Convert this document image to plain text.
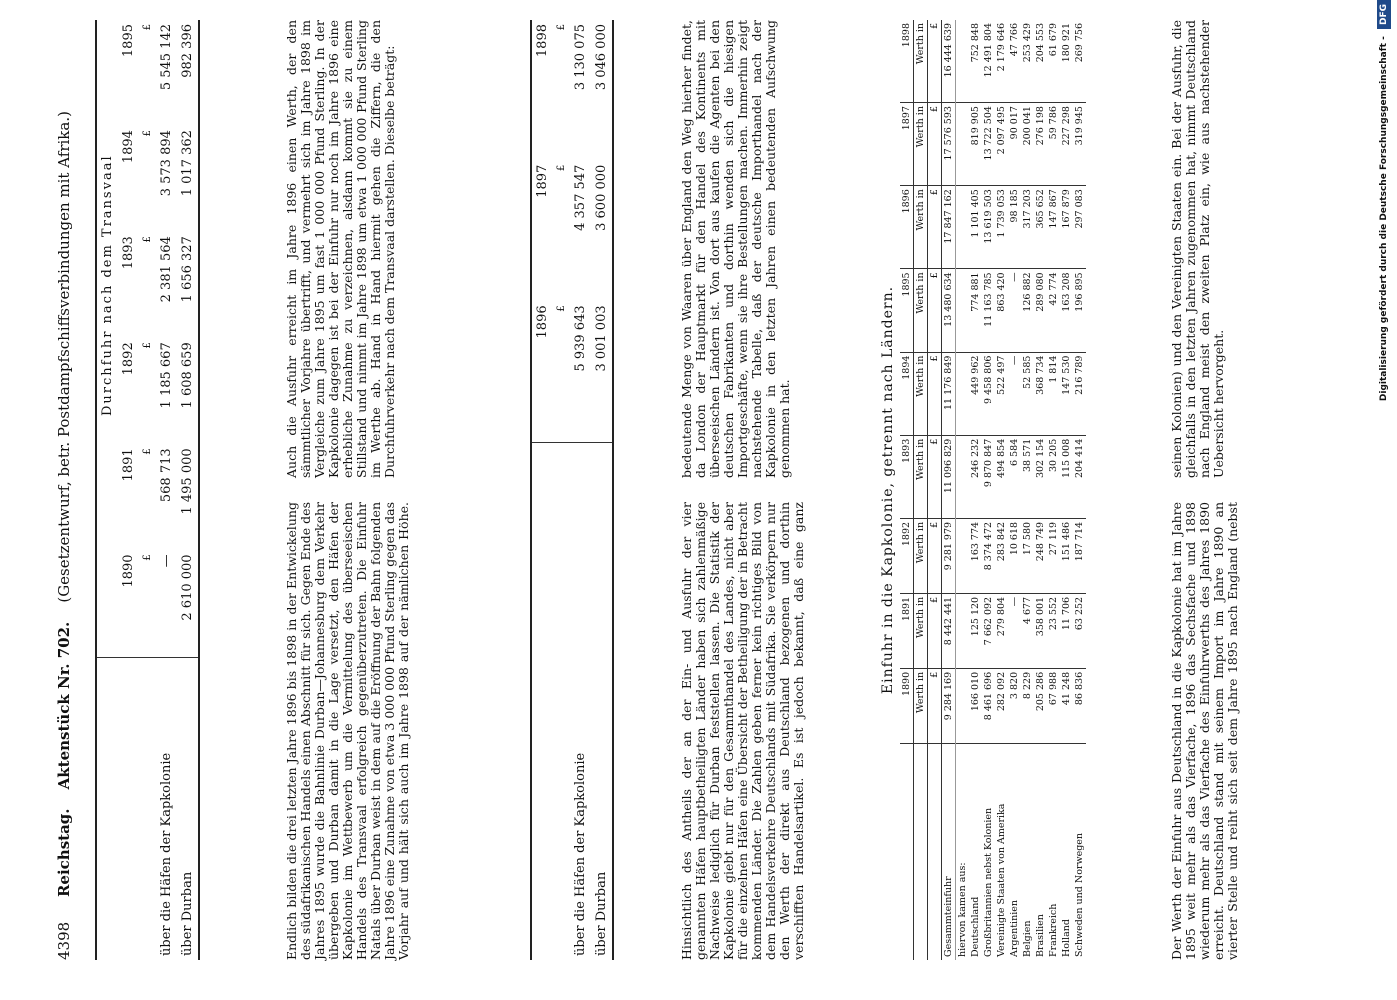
4398 Reichstag.    Aktenstück Nr. 702.    (Gesetzentwurf, betr. Postdampfschiffsverbindungen mit Afrika.)
		Durchfuhr nach dem Transvaal				
	1890	1891	1892	1893	1894	1895
	£	£	£	£	£	£
über die Häfen der Kapkolonie	—	568 713	1 185 667	2 381 564	3 573 894	5 545 142
über Durban	2 610 000	1 495 000	1 608 659	1 656 327	1 017 362	982 396
Endlich bilden die drei letzten Jahre 1896 bis 1898 in der Entwickelung des südafrikanischen Handels einen Abschnitt für sich. Gegen Ende des Jahres 1895 wurde die Bahnlinie Durban—Johannesburg dem Verkehr übergeben und Durban damit in die Lage versetzt, den Häfen der Kapkolonie im Wettbewerb um die Vermittelung des überseeischen Handels des Transvaal erfolgreich gegenüberzutreten. Die Einfuhr Natals über Durban weist in dem auf die Eröffnung der Bahn folgenden Jahre 1896 eine Zunahme von etwa 3 000 000 Pfund Sterling gegen das Vorjahr auf und hält sich auch im Jahre 1898 auf der nämlichen Höhe. Auch die Ausfuhr erreicht im Jahre 1896 einen Werth, der den sämmtlicher Vorjahre übertrifft, und vermehrt sich im Jahre 1898 im Vergleiche zum Jahre 1895 um fast 1 000 000 Pfund Sterling. In der Kapkolonie dagegen ist bei der Einfuhr nur noch im Jahre 1896 eine erhebliche Zunahme zu verzeichnen, alsdann kommt sie zu einem Stillstand und nimmt im Jahre 1898 um etwa 1 000 000 Pfund Sterling im Werthe ab. Hand in Hand hiermit gehen die Ziffern, die den Durchfuhrverkehr nach dem Transvaal darstellen. Dieselbe beträgt:
		1896	1897	1898
	£	£	£
über die Häfen der Kapkolonie	5 939 643	4 357 547	3 130 075
über Durban	3 001 003	3 600 000	3 046 000
Hinsichtlich des Antheils der an der Ein- und Ausfuhr der vier genannten Häfen hauptbetheiligten Länder haben sich zahlenmäßige Nachweise lediglich für Durban feststellen lassen. Die Statistik der Kapkolonie giebt nur für den Gesammthandel des Landes, nicht aber für die einzelnen Häfen eine Übersicht der Betheiligung der in Betracht kommenden Länder. Die Zahlen geben ferner kein richtiges Bild von dem Handelsverkehre Deutschlands mit Südafrika. Sie verkörpern nur den Werth der direkt aus Deutschland bezogenen und dorthin verschifften Handelsartikel. Es ist jedoch bekannt, daß eine ganz bedeutende Menge von Waaren über England den Weg hierher findet, da London der Hauptmarkt für den Handel des Kontinents mit überseeischen Ländern ist. Von dort aus kaufen die Agenten bei den deutschen Fabrikanten und dorthin wenden sich die hiesigen Importgeschäfte, wenn sie ihre Bestellungen machen. Immerhin zeigt nachstehende Tabelle, daß der deutsche Importhandel nach der Kapkolonie in den letzten Jahren einen bedeutenden Aufschwung genommen hat.	Einfuhr in die Kapkolonie, getrennt nach Ländern.
	1890	1891	1892	1893	1894	1895	1896	1897	1898
	Werth in	Werth in	Werth in	Werth in	Werth in	Werth in	Werth in	Werth in	Werth in
	£	£	£	£	£	£	£	£	£
Gesammteinfuhr	9 284 169	8 442 441	9 281 979	11 096 829	11 176 849	13 480 634	17 847 162	17 576 593	16 444 639
hiervon kamen aus:									
Deutschland	166 010	125 120	163 774	246 232	449 962	774 881	1 101 405	819 905	752 848
Großbritannien nebst Kolonien	8 461 696	7 662 092	8 374 472	9 870 847	9 458 806	11 163 785	13 619 503	13 722 504	12 491 804
Vereinigte Staaten von Amerika	282 092	279 804	283 842	494 854	522 497	863 420	1 739 053	2 097 495	2 179 646
Argentinien	3 820	—	10 618	6 584	—	—	98 185	90 017	47 766
Belgien	8 229	4 677	17 580	38 571	52 585	126 882	317 203	200 041	253 429
Brasilien	205 286	358 001	248 749	302 154	368 734	289 080	365 652	276 198	204 553
Frankreich	67 988	23 552	27 119	30 205	1 814	42 774	147 867	59 786	61 679
Holland	41 248	11 706	151 486	115 008	147 530	163 208	167 879	227 298	180 921
Schweden und Norwegen	86 836	63 252	187 714	204 414	216 789	196 895	297 083	319 945	269 756
Der Werth der Einfuhr aus Deutschland in die Kapkolonie hat im Jahre 1895 weit mehr als das Vierfache, 1896 das Sechsfache und 1898 wiederum mehr als das Vierfache des Einfuhrwerths des Jahres 1890 erreicht. Deutschland stand mit seinem Import im Jahre 1890 an vierter Stelle und reiht sich seit dem Jahre 1895 nach England (nebst seinen Kolonien) und den Vereinigten Staaten ein. Bei der Ausfuhr, die gleichfalls in den letzten Jahren zugenommen hat, nimmt Deutschland nach England meist den zweiten Platz ein, wie aus nachstehender Uebersicht hervorgeht.
Digitalisierung gefördert durch die Deutsche Forschungsgemeinschaft - DFG
